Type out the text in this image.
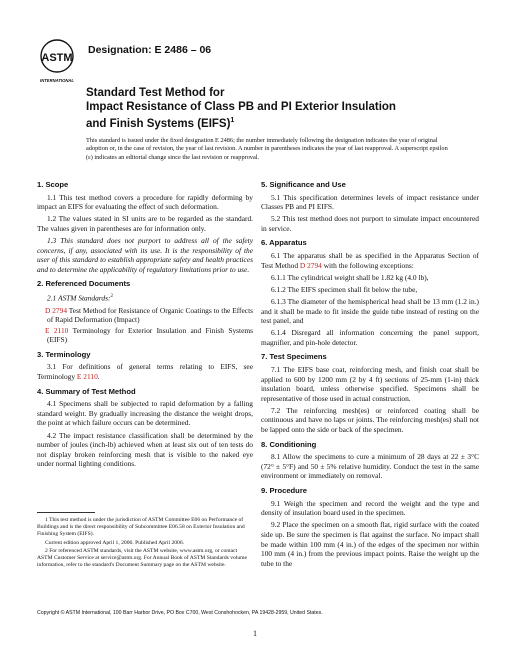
ASTM
INTERNATIONAL
Designation: E 2486 – 06
Standard Test Method for
Impact Resistance of Class PB and PI Exterior Insulation
and Finish Systems (EIFS)$^1$
This standard is issued under the fixed designation E 2486; the number immediately following the designation indicates the year of original adoption or, in the case of revision, the year of last revision. A number in parentheses indicates the year of last reapproval. A superscript epsilon (ε) indicates an editorial change since the last revision or reapproval.
1. Scope

1.1 This test method covers a procedure for rapidly deforming by impact an EIFS for evaluating the effect of such deformation.

1.2 The values stated in SI units are to be regarded as the standard. The values given in parentheses are for information only.

1.3 This standard does not purport to address all of the safety concerns, if any, associated with its use. It is the responsibility of the user of this standard to establish appropriate safety and health practices and to determine the applicability of regulatory limitations prior to use.

2. Referenced Documents

2.1 ASTM Standards:$^2$

D 2794 Test Method for Resistance of Organic Coatings to the Effects of Rapid Deformation (Impact)
E 2110 Terminology for Exterior Insulation and Finish Systems (EIFS)
3. Terminology

3.1 For definitions of general terms relating to EIFS, see Terminology E 2110.

4. Summary of Test Method

4.1 Specimens shall be subjected to rapid deformation by a falling standard weight. By gradually increasing the distance the weight drops, the point at which failure occurs can be determined.

4.2 The impact resistance classification shall be determined by the number of joules (inch-lb) achieved when at least six out of ten tests do not display broken reinforcing mesh that is visible to the naked eye under normal lighting conditions.

1 This test method is under the jurisdiction of ASTM Committee E06 on Performance of Buildings and is the direct responsibility of Subcommittee E06.58 on Exterior Insulation and Finishing System (EIFS).

Current edition approved April 1, 2006. Published April 2006.

2 For referenced ASTM standards, visit the ASTM website, www.astm.org, or contact ASTM Customer Service at service@astm.org. For Annual Book of ASTM Standards volume information, refer to the standard's Document Summary page on the ASTM website.

5. Significance and Use

5.1 This specification determines levels of impact resistance under Classes PB and PI EIFS.

5.2 This test method does not purport to simulate impact encountered in service.

6. Apparatus

6.1 The apparatus shall be as specified in the Apparatus Section of Test Method D 2794 with the following exceptions:

6.1.1 The cylindrical weight shall be 1.82 kg (4.0 lb),

6.1.2 The EIFS specimen shall fit below the tube,

6.1.3 The diameter of the hemispherical head shall be 13 mm (1.2 in.) and it shall be made to fit inside the guide tube instead of resting on the test panel, and

6.1.4 Disregard all information concerning the panel support, magnifier, and pin-hole detector.

7. Test Specimens

7.1 The EIFS base coat, reinforcing mesh, and finish coat shall be applied to 600 by 1200 mm (2 by 4 ft) sections of 25-mm (1-in) thick insulation board, unless otherwise specified. Specimens shall be representative of those used in actual construction.

7.2 The reinforcing mesh(es) or reinforced coating shall be continuous and have no laps or joints. The reinforcing mesh(es) shall not be lapped onto the side or back of the specimen.

8. Conditioning

8.1 Allow the specimens to cure a minimum of 28 days at 22 ± 3°C (72° ± 5°F) and 50 ± 5% relative humidity. Conduct the test in the same environment or immediately on removal.

9. Procedure

9.1 Weigh the specimen and record the weight and the type and density of insulation board used in the specimen.

9.2 Place the specimen on a smooth flat, rigid surface with the coated side up. Be sure the specimen is flat against the surface. No impact shall be made within 100 mm (4 in.) of the edges of the specimen nor within 100 mm (4 in.) from the previous impact points. Raise the weight up the tube to the

Copyright © ASTM International, 100 Barr Harbor Drive, PO Box C700, West Conshohocken, PA 19428-2959, United States.
1
